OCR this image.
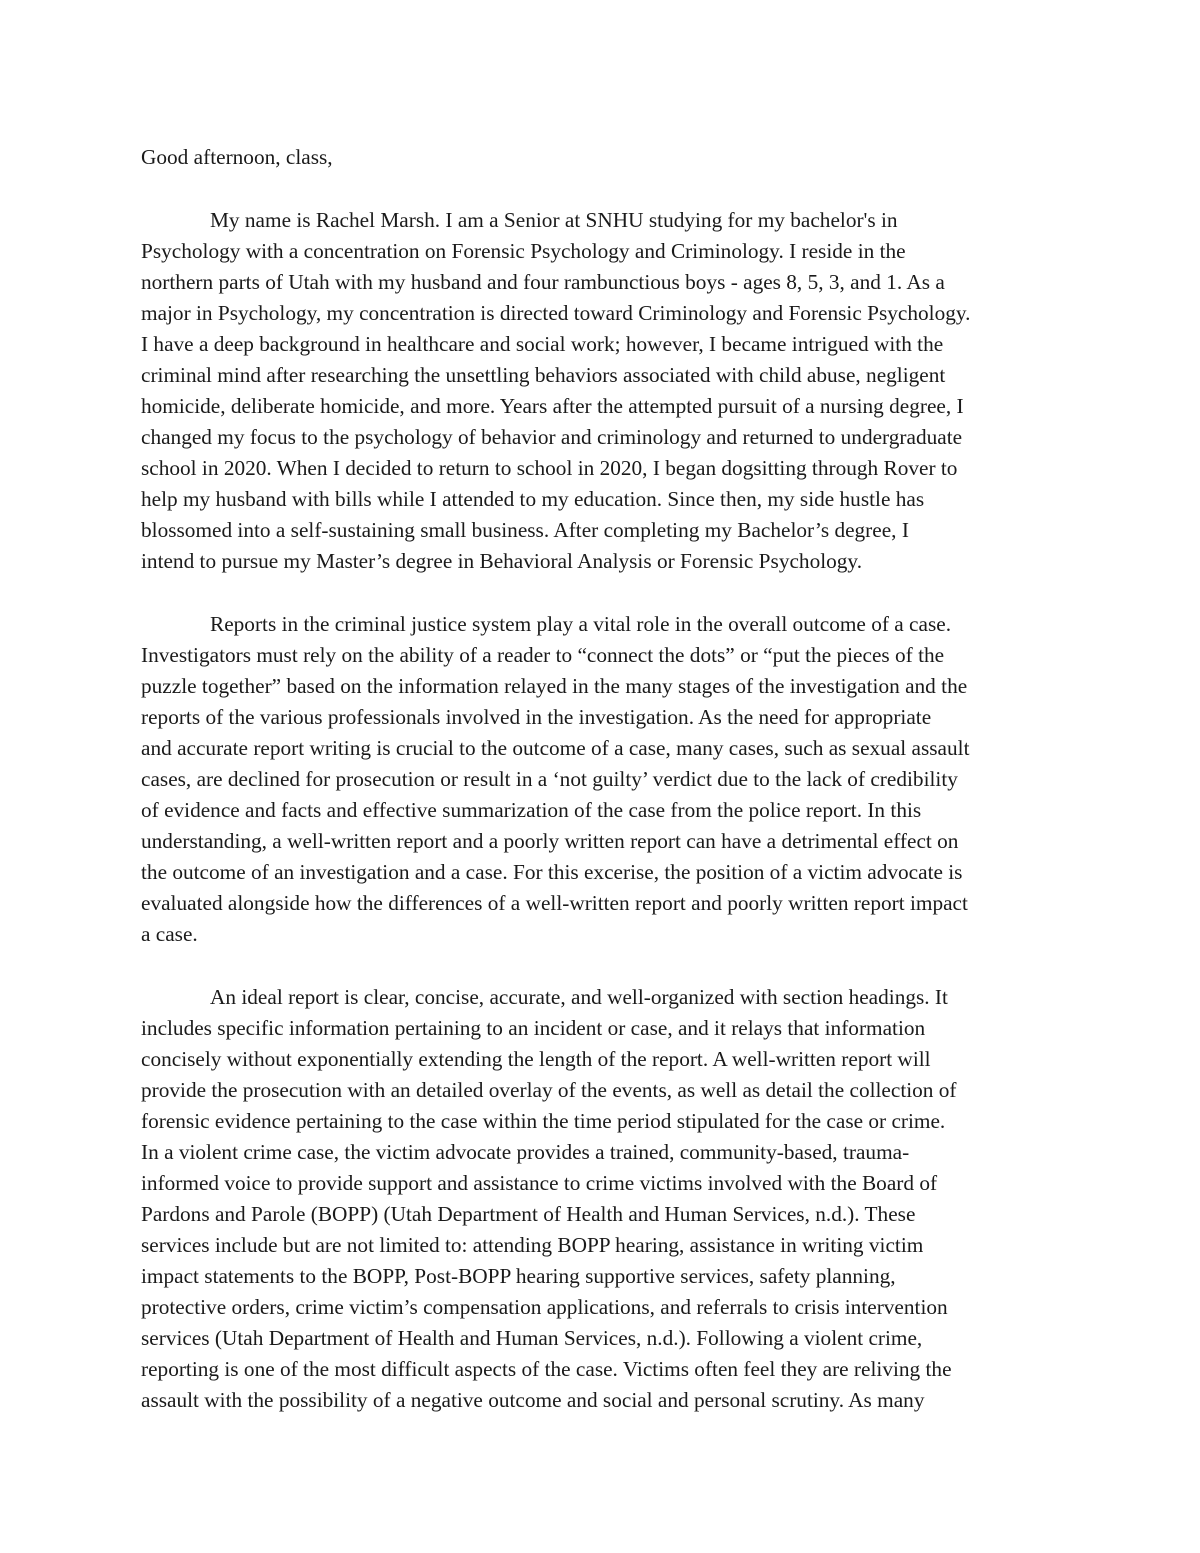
Good afternoon, class,
My name is Rachel Marsh. I am a Senior at SNHU studying for my bachelor's in
Psychology with a concentration on Forensic Psychology and Criminology. I reside in the
northern parts of Utah with my husband and four rambunctious boys - ages 8, 5, 3, and 1. As a
major in Psychology, my concentration is directed toward Criminology and Forensic Psychology.
I have a deep background in healthcare and social work; however, I became intrigued with the
criminal mind after researching the unsettling behaviors associated with child abuse, negligent
homicide, deliberate homicide, and more. Years after the attempted pursuit of a nursing degree, I
changed my focus to the psychology of behavior and criminology and returned to undergraduate
school in 2020. When I decided to return to school in 2020, I began dogsitting through Rover to
help my husband with bills while I attended to my education. Since then, my side hustle has
blossomed into a self-sustaining small business. After completing my Bachelor’s degree, I
intend to pursue my Master’s degree in Behavioral Analysis or Forensic Psychology.
Reports in the criminal justice system play a vital role in the overall outcome of a case.
Investigators must rely on the ability of a reader to “connect the dots” or “put the pieces of the
puzzle together” based on the information relayed in the many stages of the investigation and the
reports of the various professionals involved in the investigation. As the need for appropriate
and accurate report writing is crucial to the outcome of a case, many cases, such as sexual assault
cases, are declined for prosecution or result in a ‘not guilty’ verdict due to the lack of credibility
of evidence and facts and effective summarization of the case from the police report. In this
understanding, a well-written report and a poorly written report can have a detrimental effect on
the outcome of an investigation and a case. For this excerise, the position of a victim advocate is
evaluated alongside how the differences of a well-written report and poorly written report impact
a case.
An ideal report is clear, concise, accurate, and well-organized with section headings. It
includes specific information pertaining to an incident or case, and it relays that information
concisely without exponentially extending the length of the report. A well-written report will
provide the prosecution with an detailed overlay of the events, as well as detail the collection of
forensic evidence pertaining to the case within the time period stipulated for the case or crime.
In a violent crime case, the victim advocate provides a trained, community-based, trauma-
informed voice to provide support and assistance to crime victims involved with the Board of
Pardons and Parole (BOPP) (Utah Department of Health and Human Services, n.d.). These
services include but are not limited to: attending BOPP hearing, assistance in writing victim
impact statements to the BOPP, Post-BOPP hearing supportive services, safety planning,
protective orders, crime victim’s compensation applications, and referrals to crisis intervention
services (Utah Department of Health and Human Services, n.d.). Following a violent crime,
reporting is one of the most difficult aspects of the case. Victims often feel they are reliving the
assault with the possibility of a negative outcome and social and personal scrutiny. As many
